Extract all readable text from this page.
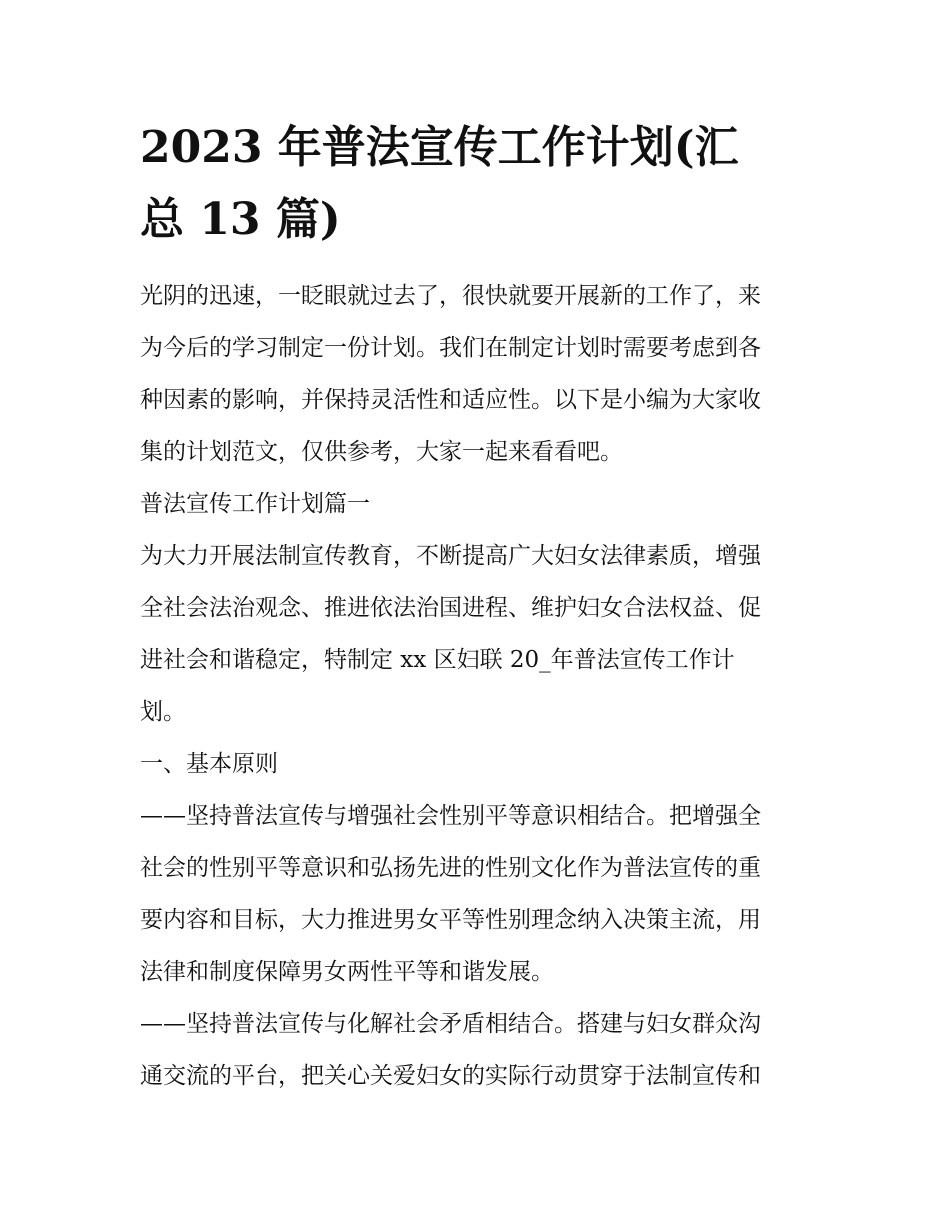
2023 年普法宣传工作计划(汇
总 13 篇)

光阴的迅速，一眨眼就过去了，很快就要开展新的工作了，来
为今后的学习制定一份计划。我们在制定计划时需要考虑到各
种因素的影响，并保持灵活性和适应性。以下是小编为大家收
集的计划范文，仅供参考，大家一起来看看吧。

普法宣传工作计划篇一

为大力开展法制宣传教育，不断提高广大妇女法律素质，增强
全社会法治观念、推进依法治国进程、维护妇女合法权益、促
进社会和谐稳定，特制定 xx 区妇联 20_年普法宣传工作计
划。

一、基本原则

——坚持普法宣传与增强社会性别平等意识相结合。把增强全
社会的性别平等意识和弘扬先进的性别文化作为普法宣传的重
要内容和目标，大力推进男女平等性别理念纳入决策主流，用
法律和制度保障男女两性平等和谐发展。

——坚持普法宣传与化解社会矛盾相结合。搭建与妇女群众沟
通交流的平台，把关心关爱妇女的实际行动贯穿于法制宣传和
